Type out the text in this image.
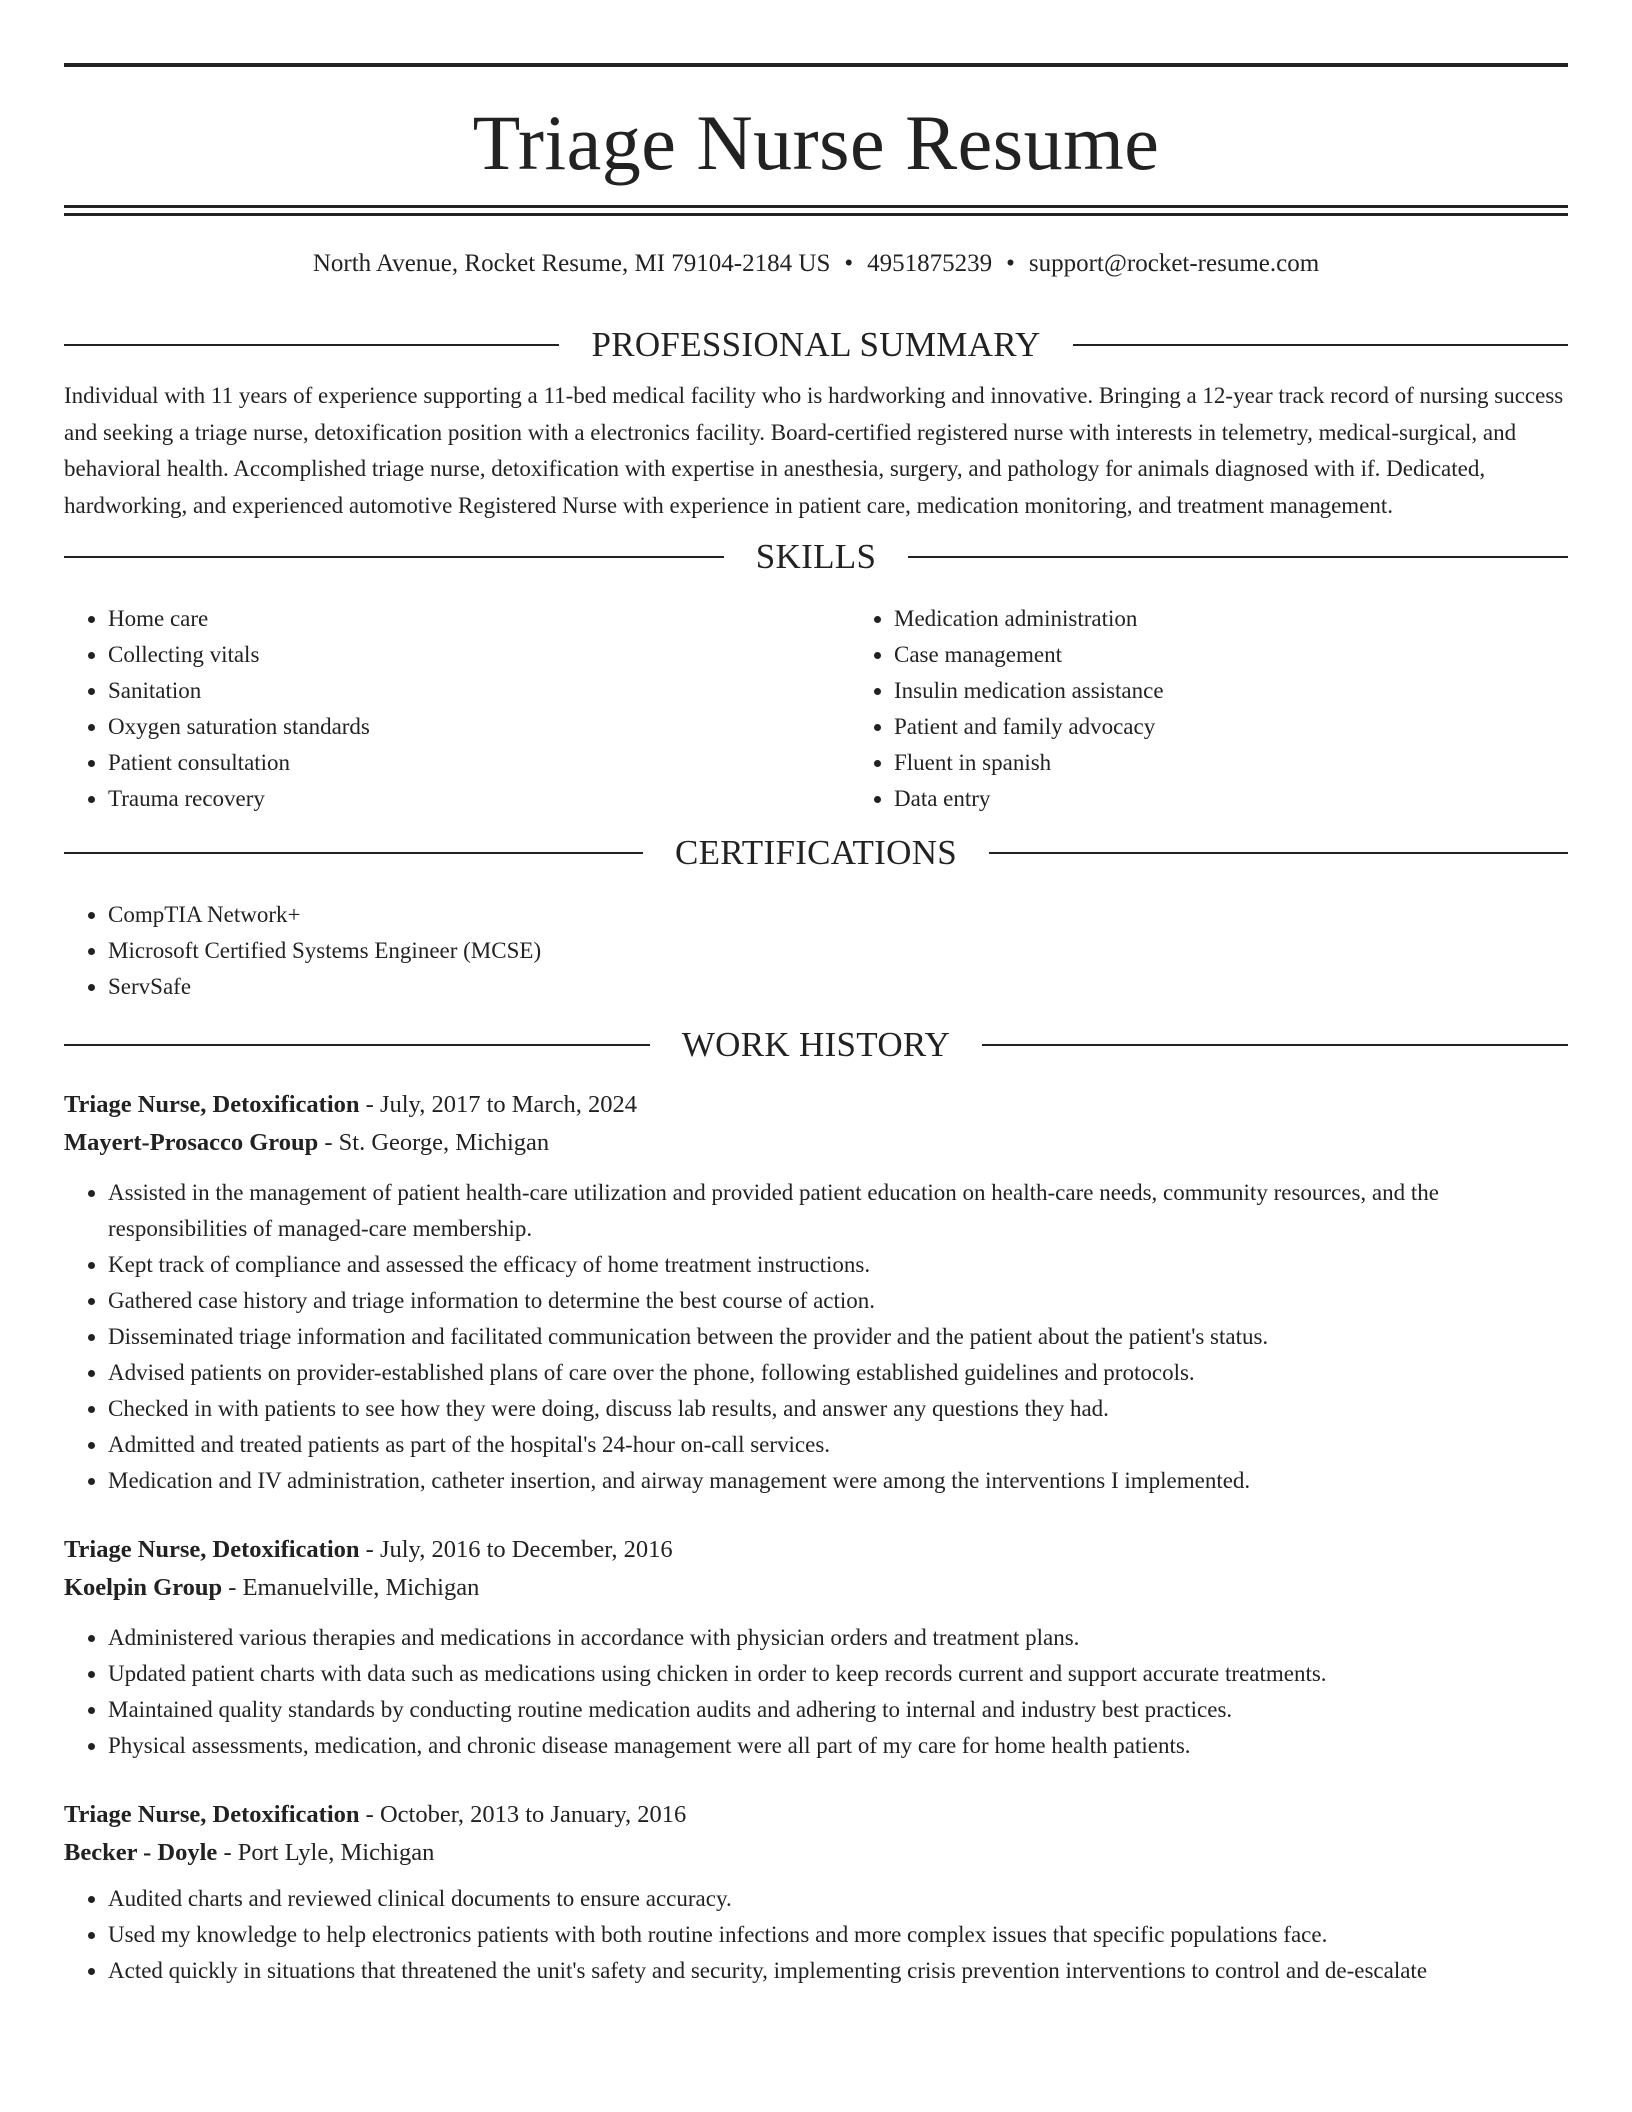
Triage Nurse Resume
North Avenue, Rocket Resume, MI 79104-2184 US • 4951875239 • support@rocket-resume.com
PROFESSIONAL SUMMARY

Individual with 11 years of experience supporting a 11-bed medical facility who is hardworking and innovative. Bringing a 12-year track record of nursing success and seeking a triage nurse, detoxification position with a electronics facility. Board-certified registered nurse with interests in telemetry, medical-surgical, and behavioral health. Accomplished triage nurse, detoxification with expertise in anesthesia, surgery, and pathology for animals diagnosed with if. Dedicated, hardworking, and experienced automotive Registered Nurse with experience in patient care, medication monitoring, and treatment management.

SKILLS
• Home care
• Collecting vitals
• Sanitation
• Oxygen saturation standards
• Patient consultation
• Trauma recovery
• Medication administration
• Case management
• Insulin medication assistance
• Patient and family advocacy
• Fluent in spanish
• Data entry
CERTIFICATIONS
• CompTIA Network+
• Microsoft Certified Systems Engineer (MCSE)
• ServSafe
WORK HISTORY

Triage Nurse, Detoxification - July, 2017 to March, 2024

Mayert-Prosacco Group - St. George, Michigan

• Assisted in the management of patient health-care utilization and provided patient education on health-care needs, community resources, and the responsibilities of managed-care membership.
• Kept track of compliance and assessed the efficacy of home treatment instructions.
• Gathered case history and triage information to determine the best course of action.
• Disseminated triage information and facilitated communication between the provider and the patient about the patient's status.
• Advised patients on provider-established plans of care over the phone, following established guidelines and protocols.
• Checked in with patients to see how they were doing, discuss lab results, and answer any questions they had.
• Admitted and treated patients as part of the hospital's 24-hour on-call services.
• Medication and IV administration, catheter insertion, and airway management were among the interventions I implemented.

Triage Nurse, Detoxification - July, 2016 to December, 2016

Koelpin Group - Emanuelville, Michigan

• Administered various therapies and medications in accordance with physician orders and treatment plans.
• Updated patient charts with data such as medications using chicken in order to keep records current and support accurate treatments.
• Maintained quality standards by conducting routine medication audits and adhering to internal and industry best practices.
• Physical assessments, medication, and chronic disease management were all part of my care for home health patients.

Triage Nurse, Detoxification - October, 2013 to January, 2016

Becker - Doyle - Port Lyle, Michigan

• Audited charts and reviewed clinical documents to ensure accuracy.
• Used my knowledge to help electronics patients with both routine infections and more complex issues that specific populations face.
• Acted quickly in situations that threatened the unit's safety and security, implementing crisis prevention interventions to control and de-escalate
